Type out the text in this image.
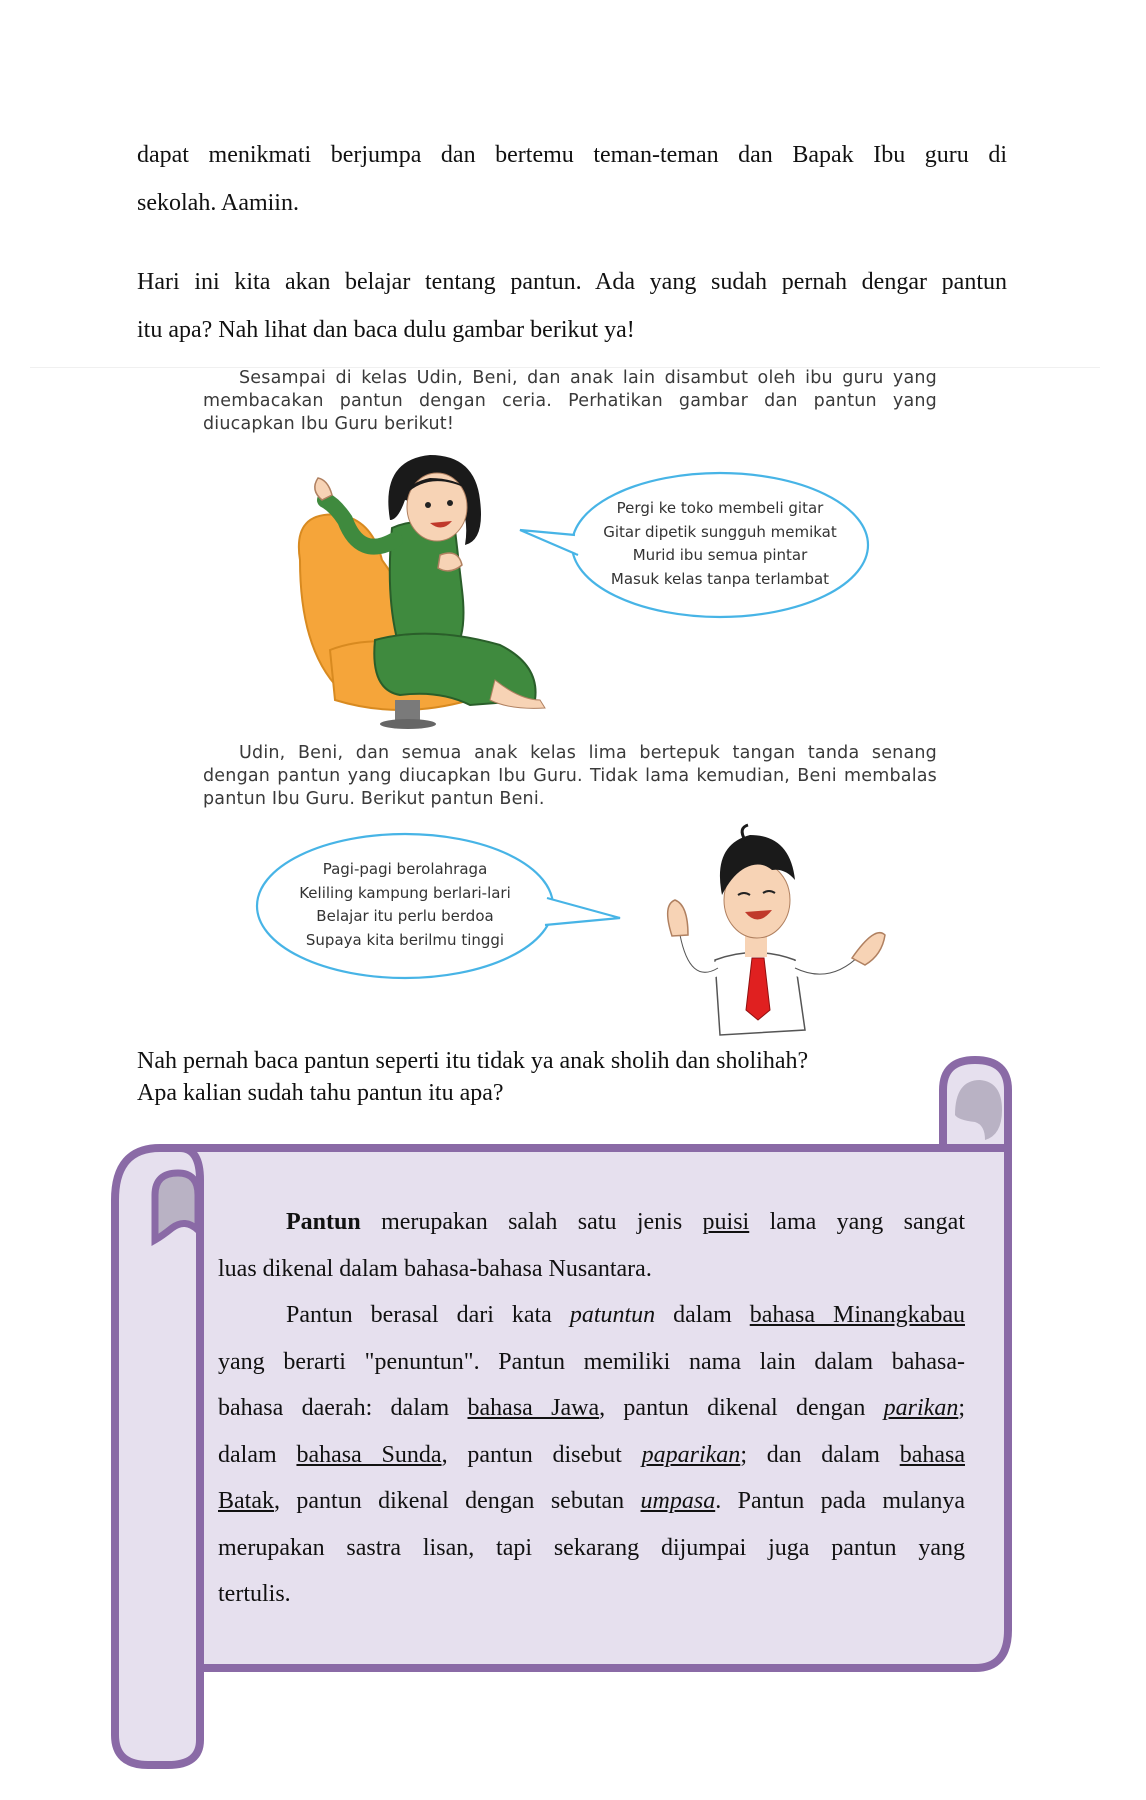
dapat menikmati berjumpa dan bertemu teman-teman dan Bapak Ibu guru di
sekolah. Aamiin.
Hari ini kita akan belajar tentang pantun. Ada yang sudah pernah dengar pantun
itu apa? Nah lihat dan baca dulu gambar berikut ya!
Sesampai di kelas Udin, Beni, dan anak lain disambut oleh ibu guru yang
membacakan pantun dengan ceria. Perhatikan gambar dan pantun yang
diucapkan Ibu Guru berikut!
Pergi ke toko membeli gitar
Gitar dipetik sungguh memikat
Murid ibu semua pintar
Masuk kelas tanpa terlambat
Udin, Beni, dan semua anak kelas lima bertepuk tangan tanda senang
dengan pantun yang diucapkan Ibu Guru. Tidak lama kemudian, Beni membalas
pantun Ibu Guru. Berikut pantun Beni.
Pagi-pagi berolahraga
Keliling kampung berlari-lari
Belajar itu perlu berdoa
Supaya kita berilmu tinggi
Nah pernah baca pantun seperti itu tidak ya anak sholih dan sholihah?
Apa kalian sudah tahu pantun itu apa?
Pantun merupakan salah satu jenis puisi lama yang sangat
luas dikenal dalam bahasa-bahasa Nusantara.
Pantun berasal dari kata patuntun dalam bahasa Minangkabau
yang berarti "penuntun". Pantun memiliki nama lain dalam bahasa-
bahasa daerah: dalam bahasa Jawa, pantun dikenal dengan parikan;
dalam bahasa Sunda, pantun disebut paparikan; dan dalam bahasa
Batak, pantun dikenal dengan sebutan umpasa. Pantun pada mulanya
merupakan sastra lisan, tapi sekarang dijumpai juga pantun yang
tertulis.
